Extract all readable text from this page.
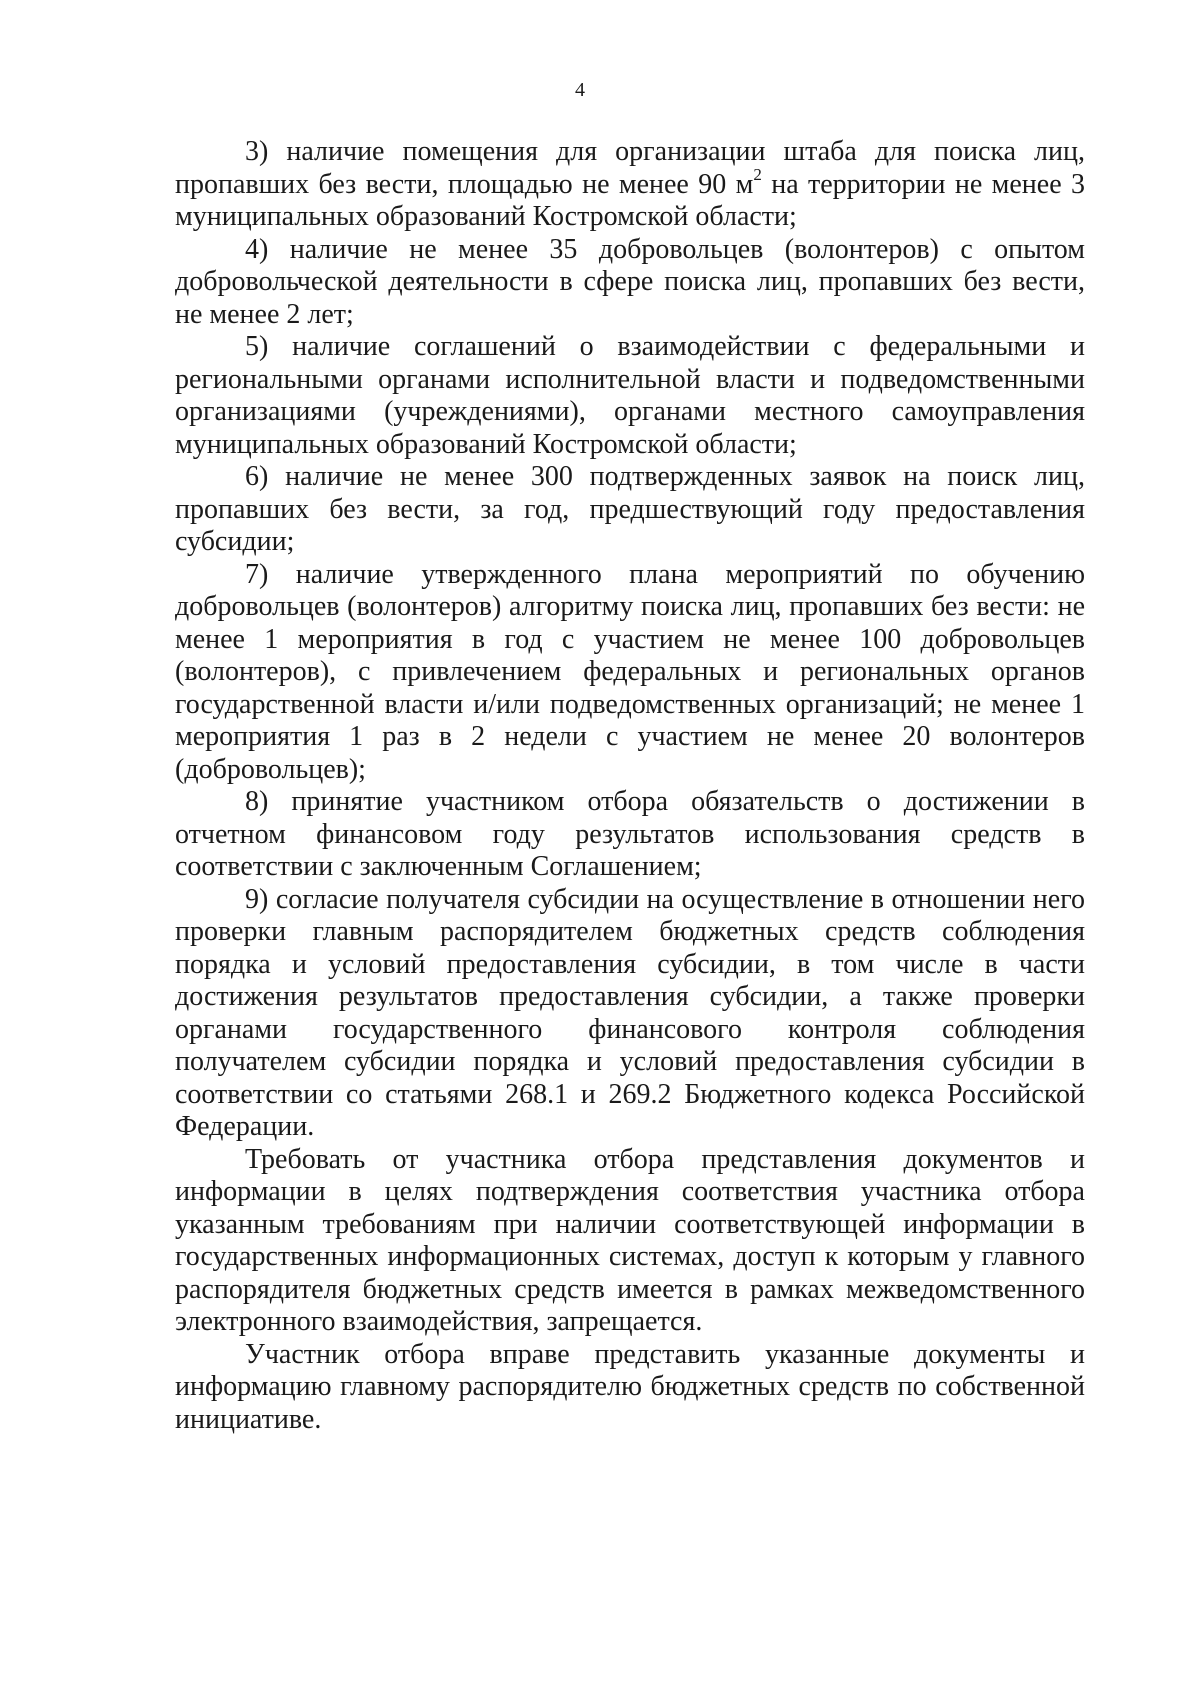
4

3) наличие помещения для организации штаба для поиска лиц, пропавших без вести, площадью не менее 90 $м^2$ на территории не менее 3 муниципальных образований Костромской области;

4) наличие не менее 35 добровольцев (волонтеров) с опытом добровольческой деятельности в сфере поиска лиц, пропавших без вести, не менее 2 лет;

5) наличие соглашений о взаимодействии с федеральными и региональными органами исполнительной власти и подведомственными организациями (учреждениями), органами местного самоуправления муниципальных образований Костромской области;

6) наличие не менее 300 подтвержденных заявок на поиск лиц, пропавших без вести, за год, предшествующий году предоставления субсидии;

7) наличие утвержденного плана мероприятий по обучению добровольцев (волонтеров) алгоритму поиска лиц, пропавших без вести: не менее 1 мероприятия в год с участием не менее 100 добровольцев (волонтеров), с привлечением федеральных и региональных органов государственной власти и/или подведомственных организаций; не менее 1 мероприятия 1 раз в 2 недели с участием не менее 20 волонтеров (добровольцев);

8) принятие участником отбора обязательств о достижении в отчетном финансовом году результатов использования средств в соответствии с заключенным Соглашением;

9) согласие получателя субсидии на осуществление в отношении него проверки главным распорядителем бюджетных средств соблюдения порядка и условий предоставления субсидии, в том числе в части достижения результатов предоставления субсидии, а также проверки органами государственного финансового контроля соблюдения получателем субсидии порядка и условий предоставления субсидии в соответствии со статьями 268.1 и 269.2 Бюджетного кодекса Российской Федерации.

Требовать от участника отбора представления документов и информации в целях подтверждения соответствия участника отбора указанным требованиям при наличии соответствующей информации в государственных информационных системах, доступ к которым у главного распорядителя бюджетных средств имеется в рамках межведомственного электронного взаимодействия, запрещается.

Участник отбора вправе представить указанные документы и информацию главному распорядителю бюджетных средств по собственной инициативе.
